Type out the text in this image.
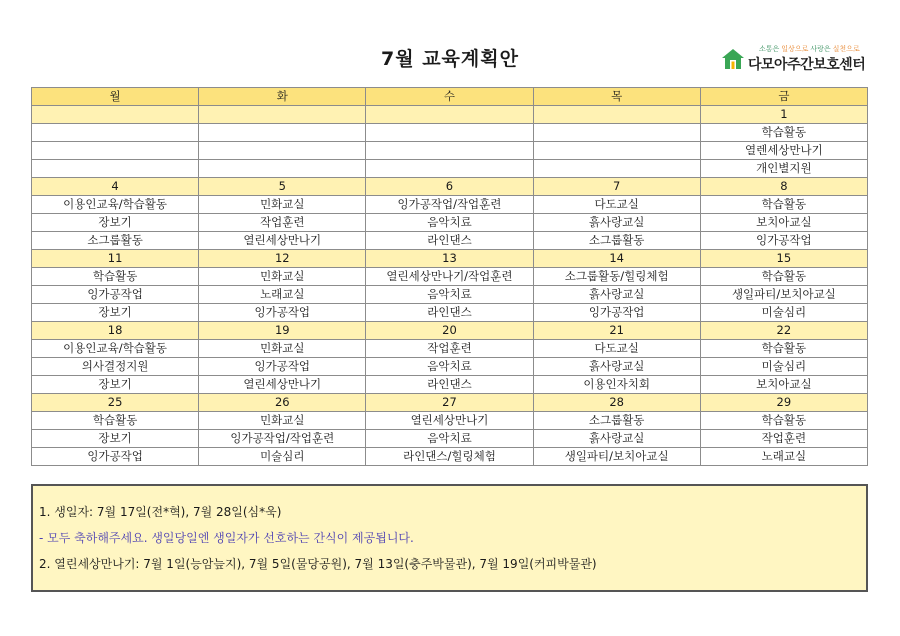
7월 교육계획안	소통은 일상으로 사랑은 실천으로
다모아주간보호센터
월	화	수	목	금
				1
				학습활동
				열렌세상만나기
				개인별지원
4	5	6	7	8
이용인교육/학습활동	민화교실	잉가공작업/작업훈련	다도교실	학습활동
장보기	작업훈련	음악치료	흙사랑교실	보치아교실
소그룹활동	열린세상만나기	라인댄스	소그룹활동	잉가공작업
11	12	13	14	15
학습활동	민화교실	열린세상만나기/작업훈련	소그룹활동/힐링체험	학습활동
잉가공작업	노래교실	음악치료	흙사랑교실	생일파티/보치아교실
장보기	잉가공작업	라인댄스	잉가공작업	미술심리
18	19	20	21	22
이용인교육/학습활동	민화교실	작업훈련	다도교실	학습활동
의사결정지원	잉가공작업	음악치료	흙사랑교실	미술심리
장보기	열린세상만나기	라인댄스	이용인자치회	보치아교실
25	26	27	28	29
학습활동	민화교실	열린세상만나기	소그룹활동	학습활동
장보기	잉가공작업/작업훈련	음악치료	흙사랑교실	작업훈련
잉가공작업	미술심리	라인댄스/힐링체험	생일파티/보치아교실	노래교실
1. 생일자: 7월 17일(전*혁), 7월 28일(심*욱)
- 모두 축하해주세요. 생일당일엔 생일자가 선호하는 간식이 제공됩니다.
2. 열린세상만나기: 7월 1일(능암늪지), 7월 5일(물당공원), 7월 13일(충주박물관), 7월 19일(커피박물관)
